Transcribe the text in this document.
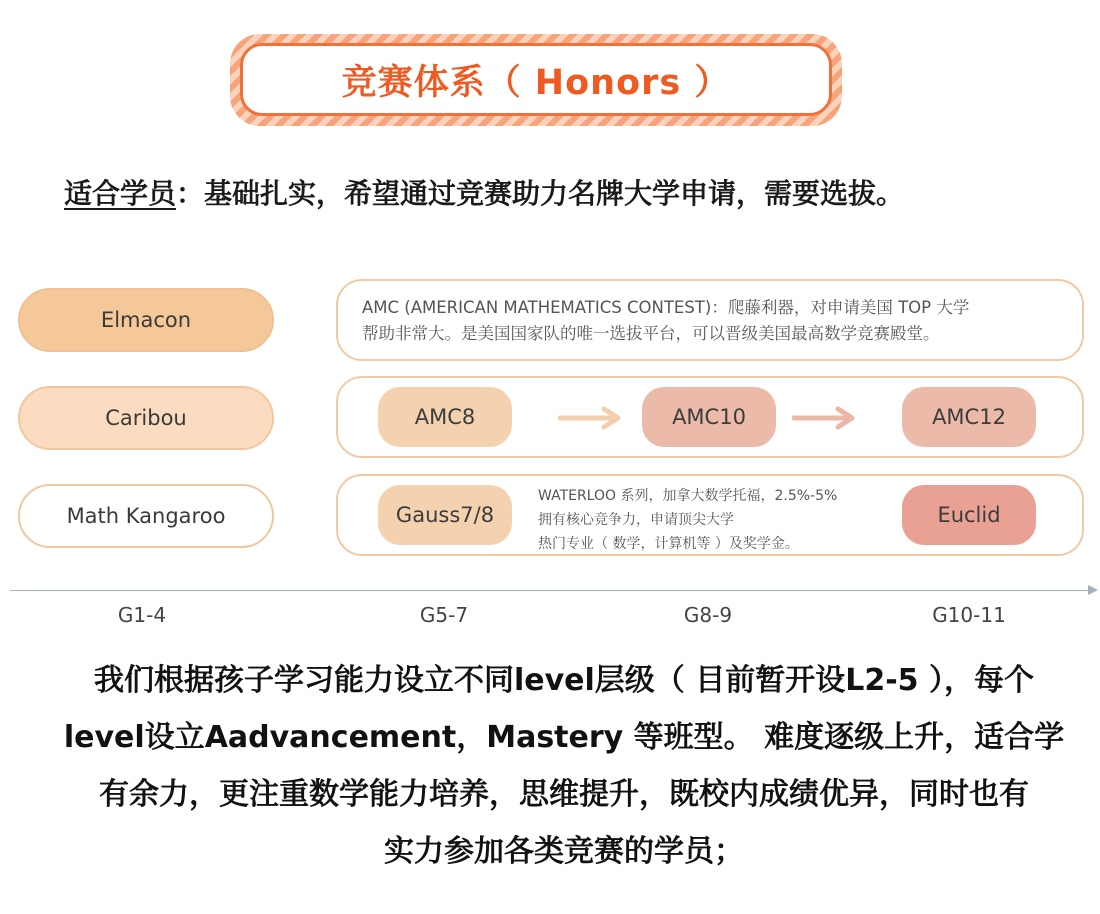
竞赛体系（ Honors ）
适合学员：基础扎实，希望通过竞赛助力名牌大学申请，需要选拔。
Elmacon
Caribou
Math Kangaroo
AMC (AMERICAN MATHEMATICS CONTEST)：爬藤利器，对申请美国 TOP 大学
帮助非常大。是美国国家队的唯一选拔平台，可以晋级美国最高数学竞赛殿堂。
AMC8	AMC10	AMC12
Gauss7/8
WATERLOO 系列，加拿大数学托福，2.5%-5%
拥有核心竞争力，申请顶尖大学
热门专业（ 数学，计算机等 ）及奖学金。
Euclid
G1-4	G5-7	G8-9	G10-11
我们根据孩子学习能力设立不同level层级（ 目前暂开设L2-5 ），每个
level设立Aadvancement，Mastery 等班型。 难度逐级上升，适合学
有余力，更注重数学能力培养，思维提升，既校内成绩优异，同时也有
实力参加各类竞赛的学员；
